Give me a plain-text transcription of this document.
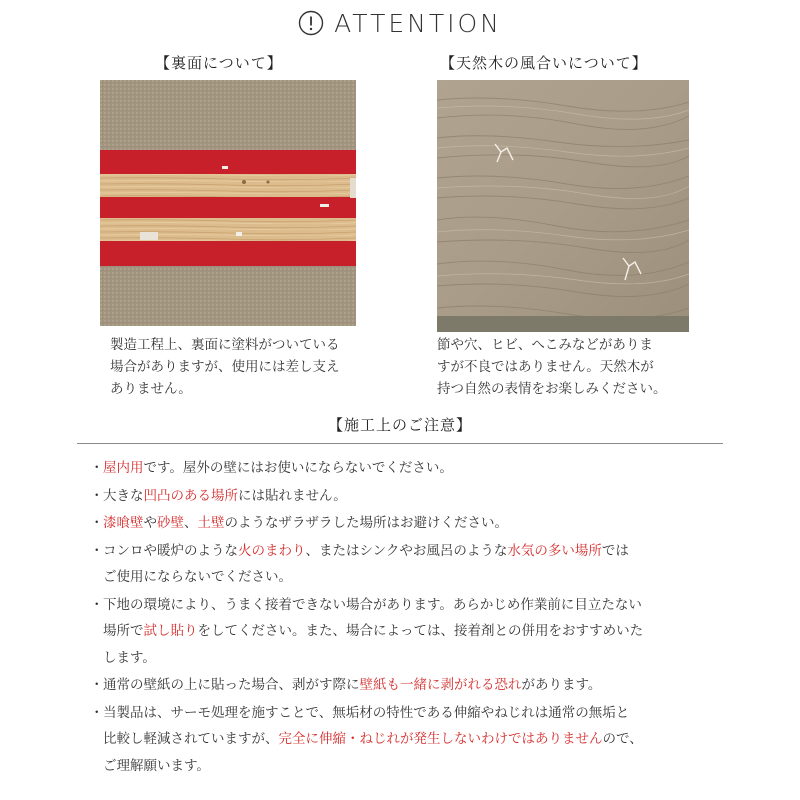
ATTENTION
【裏面について】	【天然木の風合いについて】
製造工程上、裏面に塗料がついている
場合がありますが、使用には差し支え
ありません。
節や穴、ヒビ、へこみなどがありま
すが不良ではありません。天然木が
持つ自然の表情をお楽しみください。
【施工上のご注意】
・ 屋内用です。屋外の壁にはお使いにならないでください。
・ 大きな凹凸のある場所には貼れません。
・ 漆喰壁や砂壁、土壁のようなザラザラした場所はお避けください。
・ コンロや暖炉のような火のまわり、またはシンクやお風呂のような水気の多い場所では
ご使用にならないでください。
・ 下地の環境により、うまく接着できない場合があります。あらかじめ作業前に目立たない
場所で試し貼りをしてください。また、場合によっては、接着剤との併用をおすすめいた
します。
・ 通常の壁紙の上に貼った場合、剥がす際に壁紙も一緒に剥がれる恐れがあります。
・ 当製品は、サーモ処理を施すことで、無垢材の特性である伸縮やねじれは通常の無垢と
比較し軽減されていますが、完全に伸縮・ねじれが発生しないわけではありませんので、
ご理解願います。
